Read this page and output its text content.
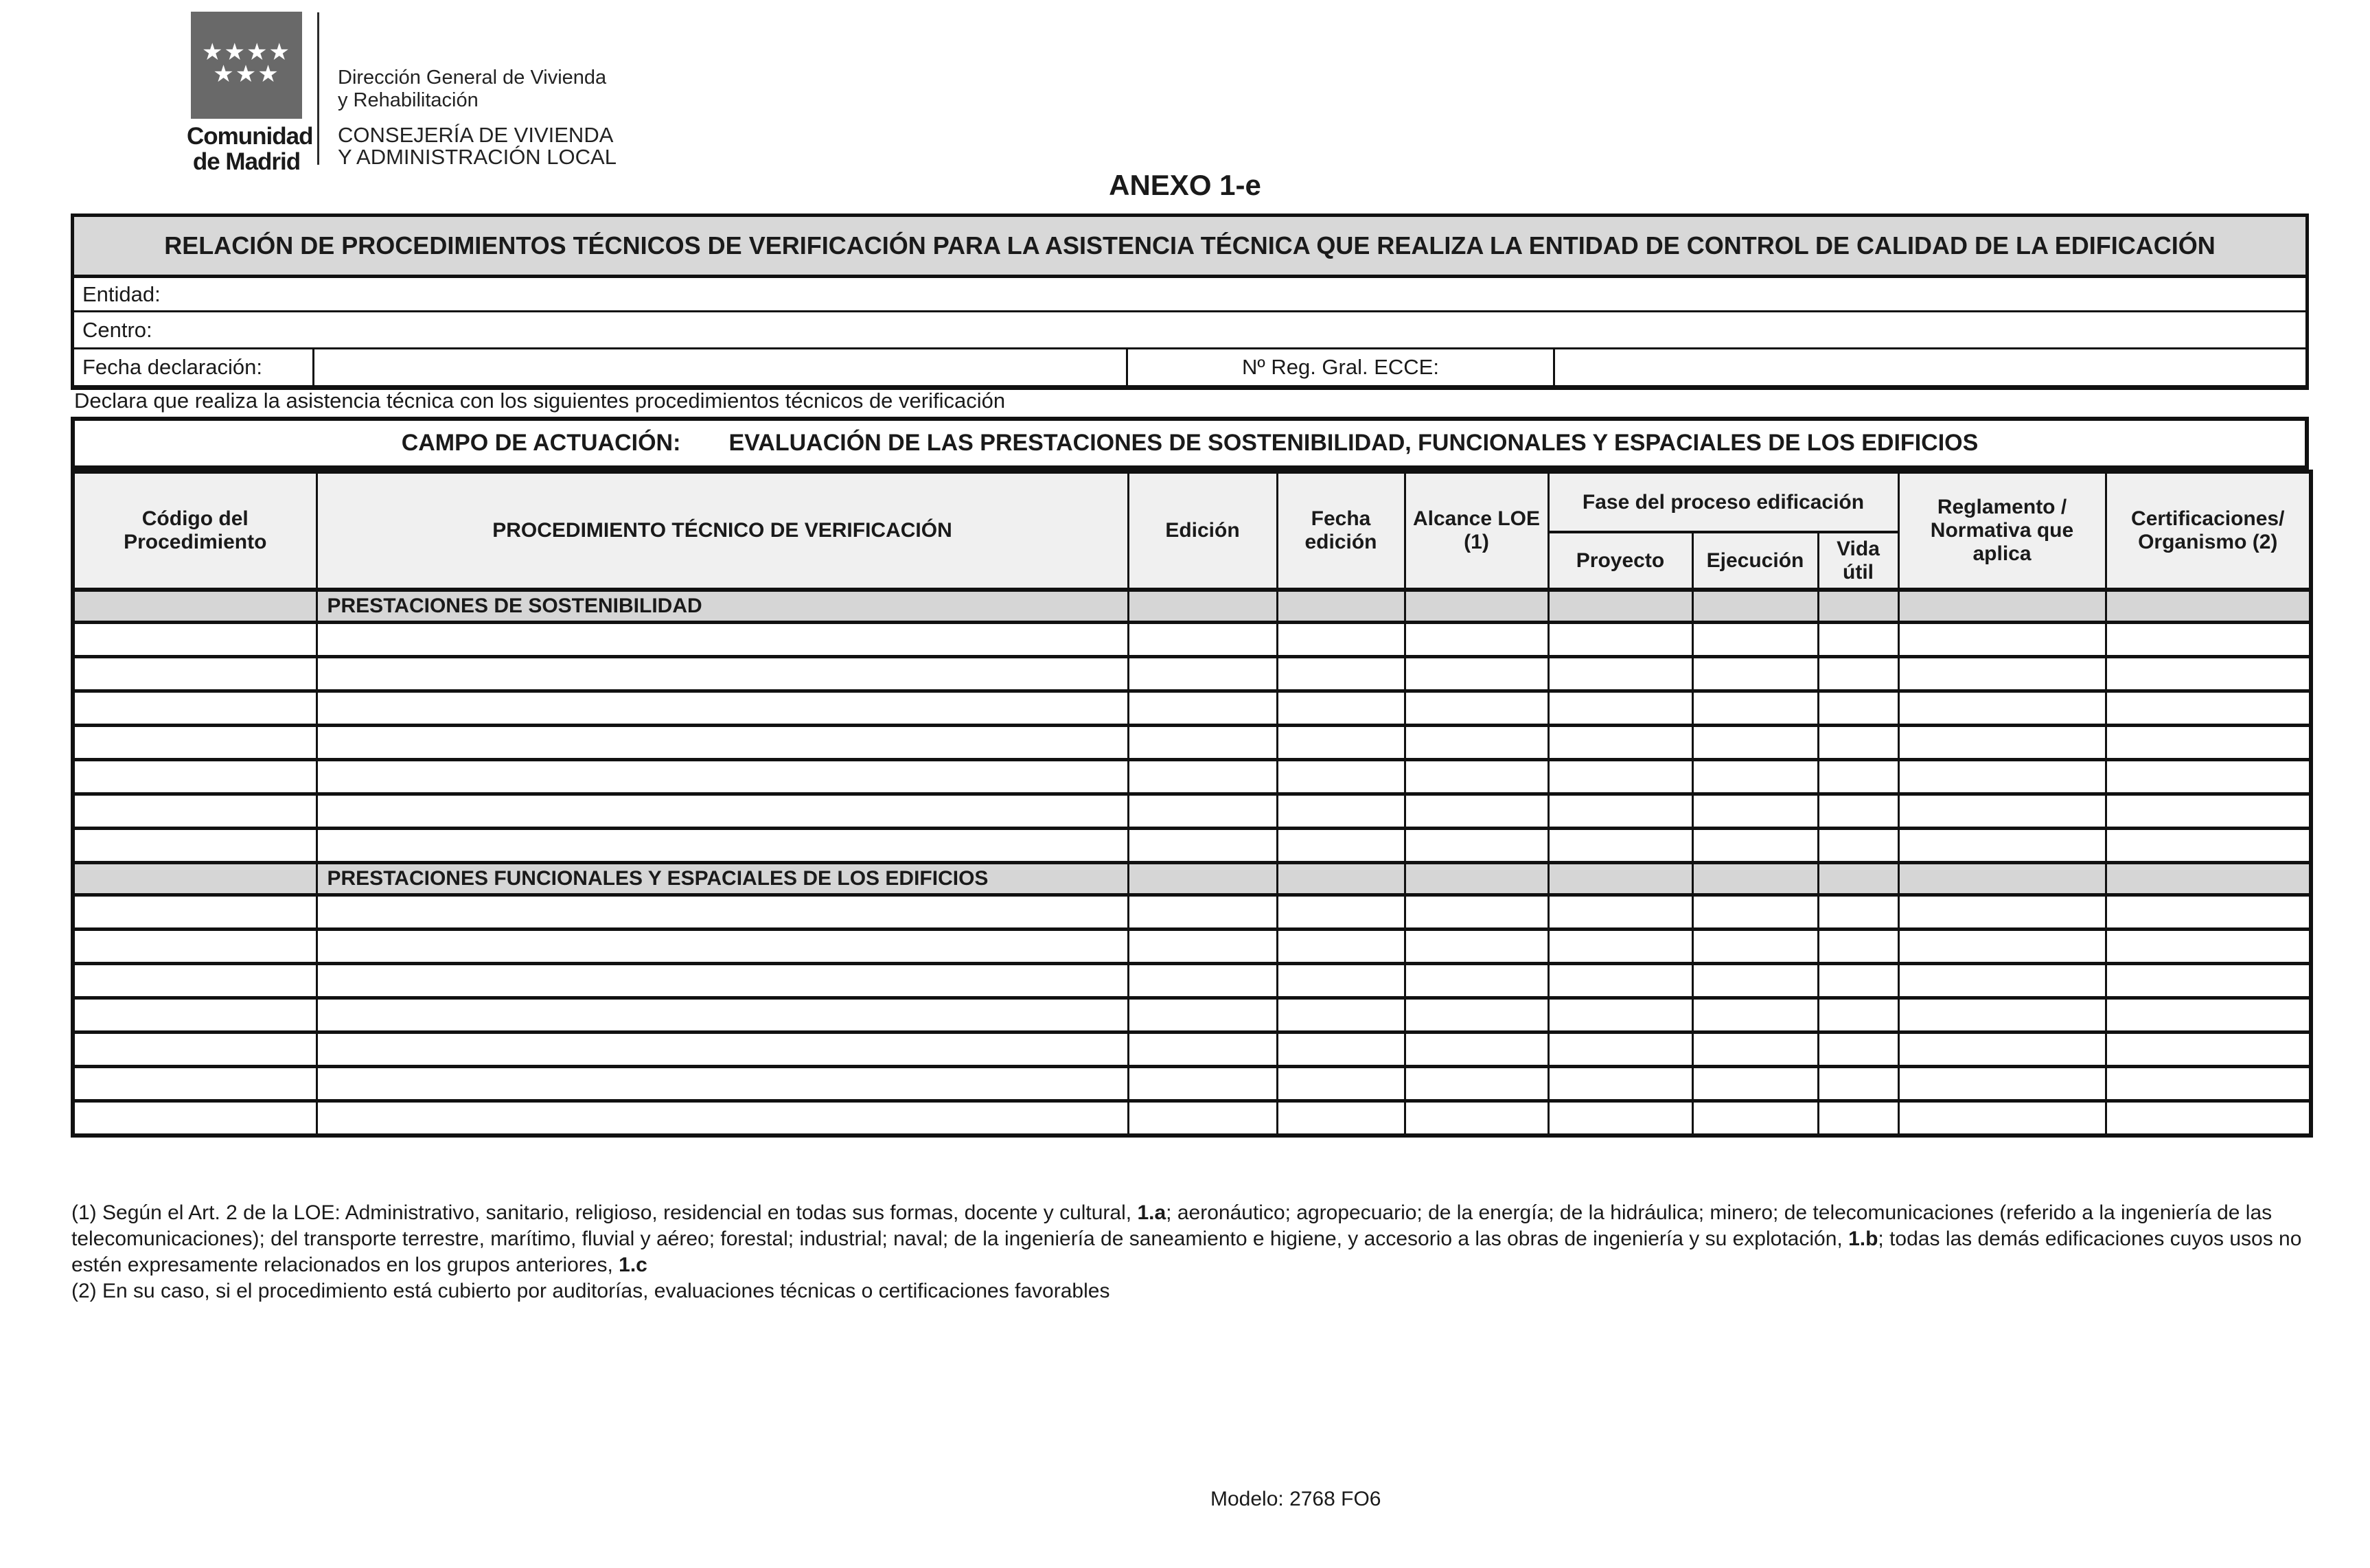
★★★★
★★★
Comunidad
de Madrid
Dirección General de Vivienda
y Rehabilitación
CONSEJERÍA DE VIVIENDA
Y ADMINISTRACIÓN LOCAL
ANEXO 1-e
RELACIÓN DE PROCEDIMIENTOS TÉCNICOS DE VERIFICACIÓN PARA LA ASISTENCIA TÉCNICA QUE REALIZA LA ENTIDAD DE CONTROL DE CALIDAD DE LA EDIFICACIÓN
Entidad:
Centro:
Fecha declaración:	Nº Reg. Gral. ECCE:
Declara que realiza la asistencia técnica con los siguientes procedimientos técnicos de verificación
CAMPO DE ACTUACIÓN: EVALUACIÓN DE LAS PRESTACIONES DE SOSTENIBILIDAD, FUNCIONALES Y ESPACIALES DE LOS EDIFICIOS
Código del Procedimiento	PROCEDIMIENTO TÉCNICO DE VERIFICACIÓN	Edición	Fecha edición	Alcance LOE (1)	Fase del proceso edificación			Reglamento / Normativa que aplica	Certificaciones/ Organismo (2)
					Proyecto	Ejecución	Vida útil		
	PRESTACIONES DE SOSTENIBILIDAD								

	PRESTACIONES FUNCIONALES Y ESPACIALES DE LOS EDIFICIOS								

(1) Según el Art. 2 de la LOE: Administrativo, sanitario, religioso, residencial en todas sus formas, docente y cultural, 1.a; aeronáutico; agropecuario; de la energía; de la hidráulica; minero; de telecomunicaciones (referido a la ingeniería de las telecomunicaciones); del transporte terrestre, marítimo, fluvial y aéreo; forestal; industrial; naval; de la ingeniería de saneamiento e higiene, y accesorio a las obras de ingeniería y su explotación, 1.b; todas las demás edificaciones cuyos usos no estén expresamente relacionados en los grupos anteriores, 1.c

(2) En su caso, si el procedimiento está cubierto por auditorías, evaluaciones técnicas o certificaciones favorables

Modelo: 2768 FO6
